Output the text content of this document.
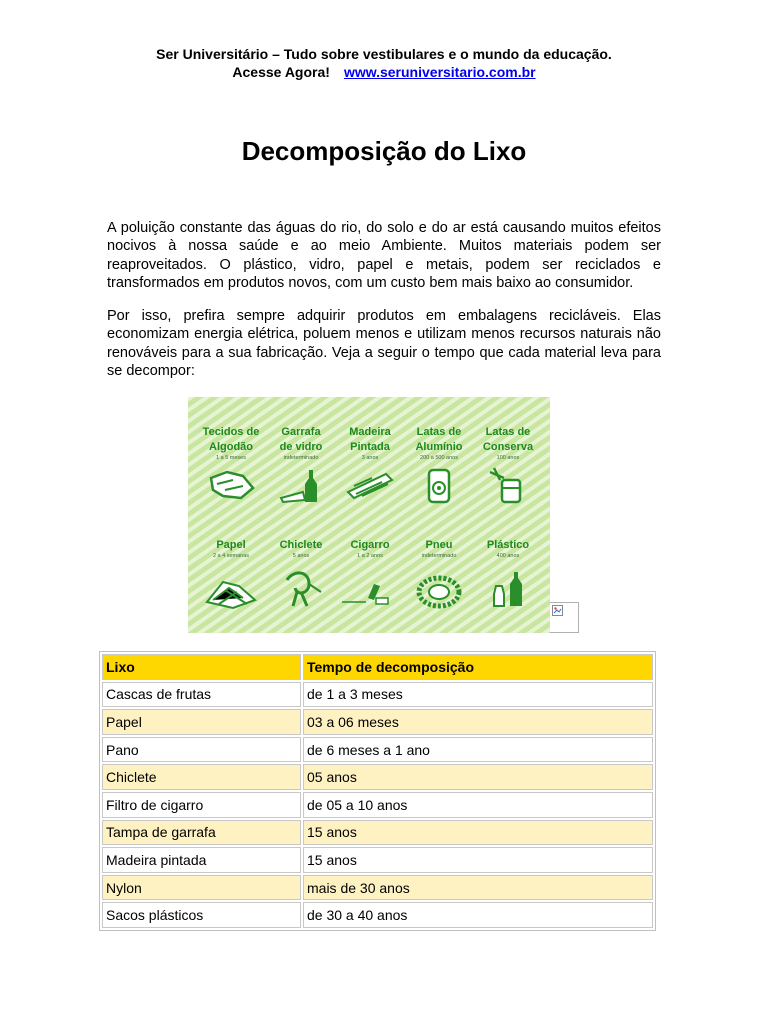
Ser Universitário – Tudo sobre vestibulares e o mundo da educação.
Acesse Agora! www.seruniversitario.com.br
Decomposição do Lixo

A poluição constante das águas do rio, do solo e do ar está causando muitos efeitos nocivos à nossa saúde e ao meio Ambiente. Muitos materiais podem ser reaproveitados. O plástico, vidro, papel e metais, podem ser reciclados e transformados em produtos novos, com um custo bem mais baixo ao consumidor.

Por isso, prefira sempre adquirir produtos em embalagens recicláveis. Elas economizam energia elétrica, poluem menos e utilizam menos recursos naturais não renováveis para a sua fabricação. Veja a seguir o tempo que cada material leva para se decompor:

Tecidos de
Algodão
1 a 5 meses
Garrafa
de vidro
indeterminado
Madeira
Pintada
3 anos
Latas de
Alumínio
200 a 500 anos
Latas de
Conserva
100 anos
Papel
2 a 4 semanas
Chiclete
5 anos
Cigarro
1 a 2 anos
Pneu
indeterminado
Plástico
400 anos
Lixo	Tempo de decomposição
Cascas de frutas	de 1 a 3 meses
Papel	03 a 06 meses
Pano	de 6 meses a 1 ano
Chiclete	05 anos
Filtro de cigarro	de 05 a 10 anos
Tampa de garrafa	15 anos
Madeira pintada	15 anos
Nylon	mais de 30 anos
Sacos plásticos	de 30 a 40 anos
